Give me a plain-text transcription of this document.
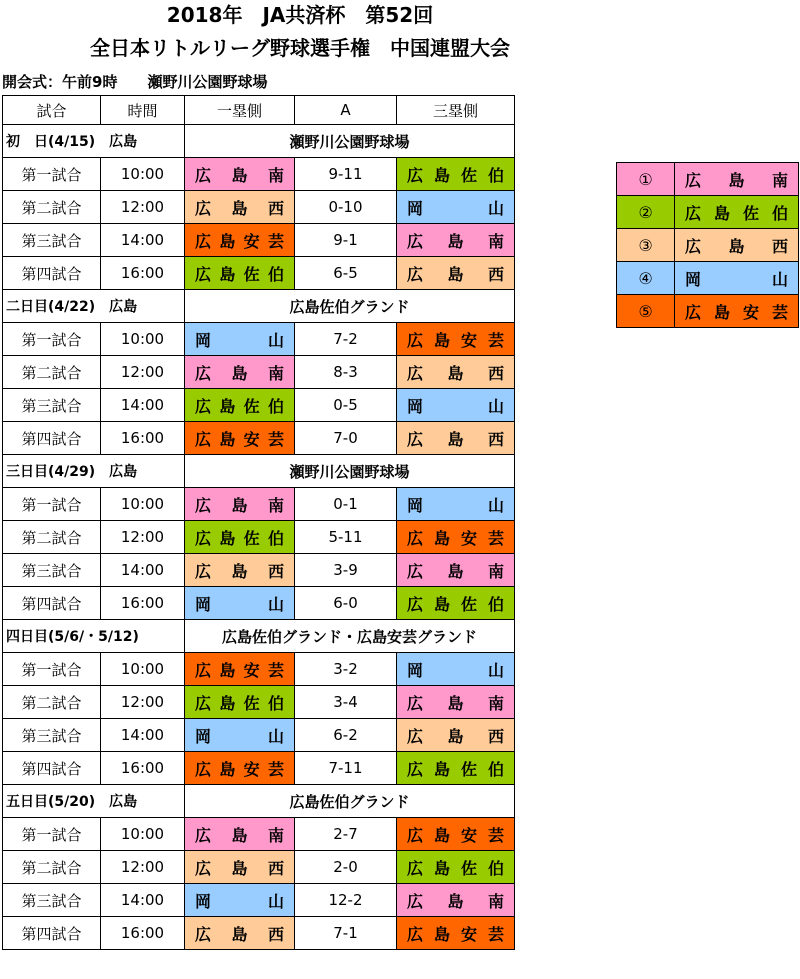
2018年　JA共済杯　第52回
全日本リトルリーグ野球選手権　中国連盟大会
開会式：午前9時　　瀬野川公園野球場
試合	時間	一塁側	A	三塁側
初　日(4/15)　広島		瀬野川公園野球場		
第一試合	10:00	広 島 南	9-11	広 島 佐 伯

第二試合	12:00	広 島 西	0-10	岡 山

第三試合	14:00	広 島 安 芸	9-1	広 島 南

第四試合	16:00	広 島 佐 伯	6-5	広 島 西

二日目(4/22)　広島		広島佐伯グランド		
第一試合	10:00	岡 山	7-2	広 島 安 芸

第二試合	12:00	広 島 南	8-3	広 島 西

第三試合	14:00	広 島 佐 伯	0-5	岡 山

第四試合	16:00	広 島 安 芸	7-0	広 島 西

三日目(4/29)　広島		瀬野川公園野球場		
第一試合	10:00	広 島 南	0-1	岡 山

第二試合	12:00	広 島 佐 伯	5-11	広 島 安 芸

第三試合	14:00	広 島 西	3-9	広 島 南

第四試合	16:00	岡 山	6-0	広 島 佐 伯

四日目(5/6/・5/12)		広島佐伯グランド・広島安芸グランド		
第一試合	10:00	広 島 安 芸	3-2	岡 山

第二試合	12:00	広 島 佐 伯	3-4	広 島 南

第三試合	14:00	岡 山	6-2	広 島 西

第四試合	16:00	広 島 安 芸	7-11	広 島 佐 伯

五日目(5/20)　広島		広島佐伯グランド		
第一試合	10:00	広 島 南	2-7	広 島 安 芸

第二試合	12:00	広 島 西	2-0	広 島 佐 伯

第三試合	14:00	岡 山	12-2	広 島 南

第四試合	16:00	広 島 西	7-1	広 島 安 芸
①	広 島 南

②	広 島 佐 伯

③	広 島 西

④	岡 山

⑤	広 島 安 芸
